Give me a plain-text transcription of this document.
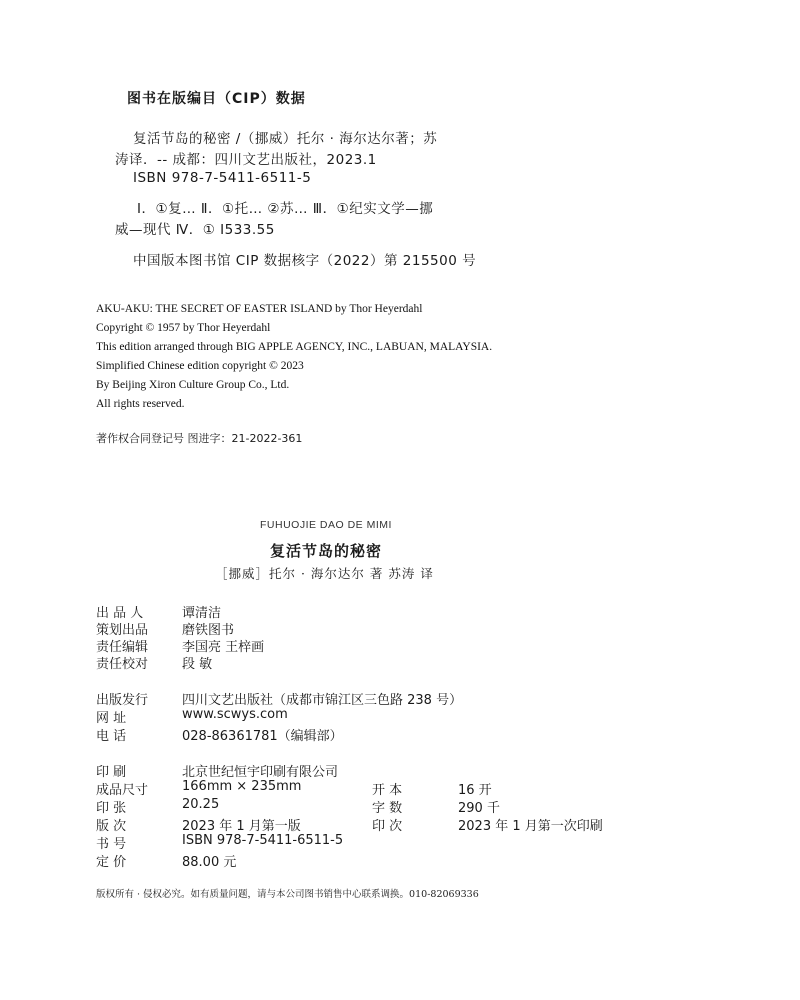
图书在版编目（CIP）数据
复活节岛的秘密 /（挪威）托尔 · 海尔达尔著；苏
涛译．-- 成都：四川文艺出版社，2023.1
ISBN 978-7-5411-6511-5
Ⅰ．①复… Ⅱ．①托… ②苏… Ⅲ．①纪实文学—挪
威—现代 Ⅳ．① I533.55
中国版本图书馆 CIP 数据核字（2022）第 215500 号
AKU-AKU: THE SECRET OF EASTER ISLAND by Thor Heyerdahl
Copyright © 1957 by Thor Heyerdahl
This edition arranged through BIG APPLE AGENCY, INC., LABUAN, MALAYSIA.
Simplified Chinese edition copyright © 2023
By Beijing Xiron Culture Group Co., Ltd.
All rights reserved.
著作权合同登记号 图进字：21-2022-361
FUHUOJIE DAO DE MIMI
复活节岛的秘密
［挪威］托尔 · 海尔达尔 著 苏涛 译
出 品 人	谭清洁
策划出品	磨铁图书
责任编辑	李国亮 王梓画
责任校对	段 敏
出版发行	四川文艺出版社（成都市锦江区三色路 238 号）
网 址	www.scwys.com
电 话	028-86361781（编辑部）
印 刷	北京世纪恒宇印刷有限公司
成品尺寸	166mm × 235mm	开 本	16 开
印 张	20.25	字 数	290 千
版 次	2023 年 1 月第一版	印 次	2023 年 1 月第一次印刷
书 号	ISBN 978-7-5411-6511-5
定 价	88.00 元
版权所有 · 侵权必究。如有质量问题，请与本公司图书销售中心联系调换。010-82069336
